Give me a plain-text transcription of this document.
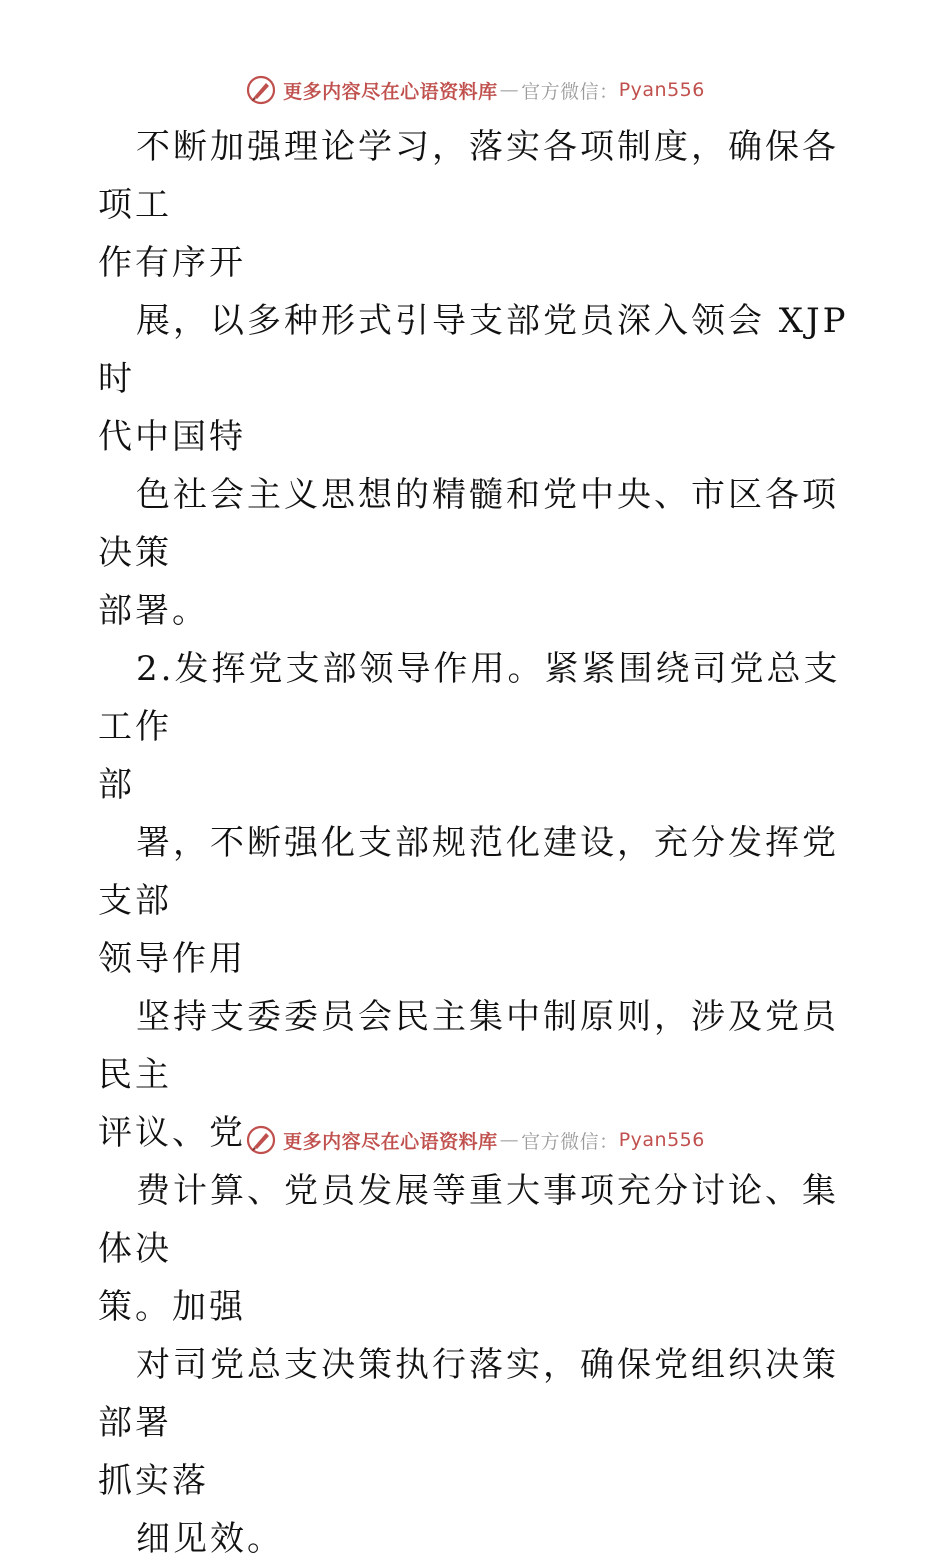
更多内容尽在心语资料库 — 官方微信： Pyan556

不断加强理论学习，落实各项制度，确保各项工

作有序开

展，以多种形式引导支部党员深入领会 XJP 时

代中国特

色社会主义思想的精髓和党中央、市区各项决策

部署。

2.发挥党支部领导作用。紧紧围绕司党总支工作

部

署，不断强化支部规范化建设，充分发挥党支部

领导作用

坚持支委委员会民主集中制原则，涉及党员民主

评议、党

费计算、党员发展等重大事项充分讨论、集体决

策。加强

对司党总支决策执行落实，确保党组织决策部署

抓实落

细见效。

更多内容尽在心语资料库 — 官方微信： Pyan556
